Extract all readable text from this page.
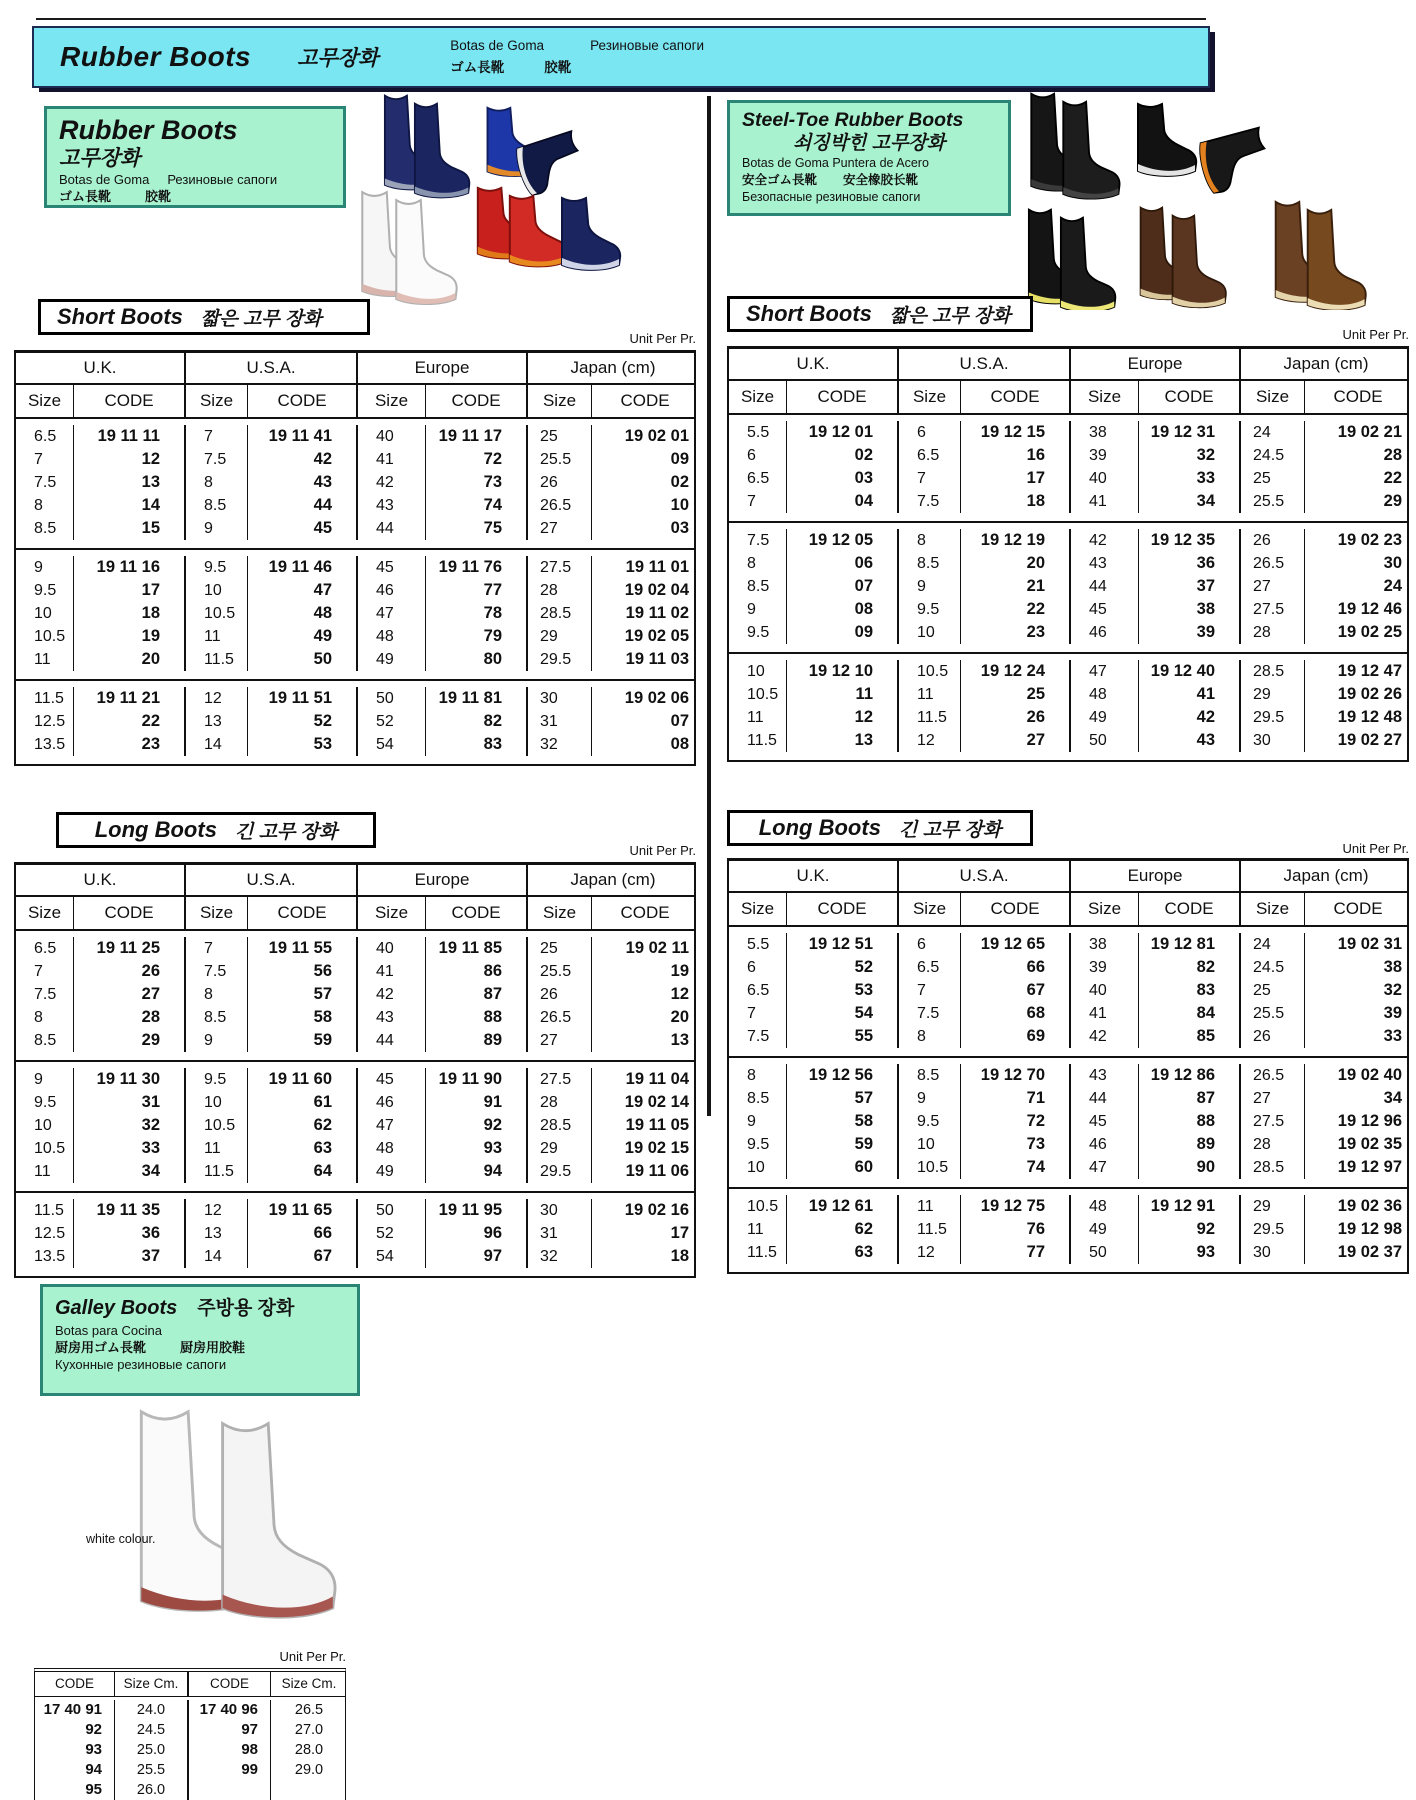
Rubber Boots 고무장화
Botas de Goma	Резиновые сапоги
ゴム長靴	胶靴
Rubber Boots
고무장화
Botas de Goma Резиновые сапоги
ゴム長靴	胶靴
Steel-Toe Rubber Boots
쇠징박힌 고무장화
Botas de Goma Puntera de Acero
安全ゴム長靴 安全橡胶长靴
Безопасные резиновые сапоги
Short Boots 짧은 고무 장화
Unit Per Pr.
Short Boots 짧은 고무 장화
Unit Per Pr.
Long Boots 긴 고무 장화
Unit Per Pr.
Long Boots 긴 고무 장화
Unit Per Pr.
U.K.	U.S.A.	Europe	Japan (cm)
Size	CODE	Size	CODE	Size	CODE	Size	CODE
6.5	19 11 11	7	19 11 41	40	19 11 17	25	19 02 01
7	12	7.5	42	41	72	25.5	09
7.5	13	8	43	42	73	26	02
8	14	8.5	44	43	74	26.5	10
8.5	15	9	45	44	75	27	03
9	19 11 16	9.5	19 11 46	45	19 11 76	27.5	19 11 01
9.5	17	10	47	46	77	28	19 02 04
10	18	10.5	48	47	78	28.5	19 11 02
10.5	19	11	49	48	79	29	19 02 05
11	20	11.5	50	49	80	29.5	19 11 03
11.5	19 11 21	12	19 11 51	50	19 11 81	30	19 02 06
12.5	22	13	52	52	82	31	07
13.5	23	14	53	54	83	32	08
U.K.	U.S.A.	Europe	Japan (cm)
Size	CODE	Size	CODE	Size	CODE	Size	CODE
5.5	19 12 01	6	19 12 15	38	19 12 31	24	19 02 21
6	02	6.5	16	39	32	24.5	28
6.5	03	7	17	40	33	25	22
7	04	7.5	18	41	34	25.5	29
7.5	19 12 05	8	19 12 19	42	19 12 35	26	19 02 23
8	06	8.5	20	43	36	26.5	30
8.5	07	9	21	44	37	27	24
9	08	9.5	22	45	38	27.5	19 12 46
9.5	09	10	23	46	39	28	19 02 25
10	19 12 10	10.5	19 12 24	47	19 12 40	28.5	19 12 47
10.5	11	11	25	48	41	29	19 02 26
11	12	11.5	26	49	42	29.5	19 12 48
11.5	13	12	27	50	43	30	19 02 27
U.K.	U.S.A.	Europe	Japan (cm)
Size	CODE	Size	CODE	Size	CODE	Size	CODE
6.5	19 11 25	7	19 11 55	40	19 11 85	25	19 02 11
7	26	7.5	56	41	86	25.5	19
7.5	27	8	57	42	87	26	12
8	28	8.5	58	43	88	26.5	20
8.5	29	9	59	44	89	27	13
9	19 11 30	9.5	19 11 60	45	19 11 90	27.5	19 11 04
9.5	31	10	61	46	91	28	19 02 14
10	32	10.5	62	47	92	28.5	19 11 05
10.5	33	11	63	48	93	29	19 02 15
11	34	11.5	64	49	94	29.5	19 11 06
11.5	19 11 35	12	19 11 65	50	19 11 95	30	19 02 16
12.5	36	13	66	52	96	31	17
13.5	37	14	67	54	97	32	18
U.K.	U.S.A.	Europe	Japan (cm)
Size	CODE	Size	CODE	Size	CODE	Size	CODE
5.5	19 12 51	6	19 12 65	38	19 12 81	24	19 02 31
6	52	6.5	66	39	82	24.5	38
6.5	53	7	67	40	83	25	32
7	54	7.5	68	41	84	25.5	39
7.5	55	8	69	42	85	26	33
8	19 12 56	8.5	19 12 70	43	19 12 86	26.5	19 02 40
8.5	57	9	71	44	87	27	34
9	58	9.5	72	45	88	27.5	19 12 96
9.5	59	10	73	46	89	28	19 02 35
10	60	10.5	74	47	90	28.5	19 12 97
10.5	19 12 61	11	19 12 75	48	19 12 91	29	19 02 36
11	62	11.5	76	49	92	29.5	19 12 98
11.5	63	12	77	50	93	30	19 02 37
Galley Boots 주방용 장화
Botas para Cocina
厨房用ゴム長靴	厨房用胶鞋
Кухонные резиновые сапоги
white colour.
Unit Per Pr.
CODE	Size Cm.	CODE	Size Cm.
17 40 91	24.0	17 40 96	26.5
92	24.5	97	27.0
93	25.0	98	28.0
94	25.5	99	29.0
95	26.0
